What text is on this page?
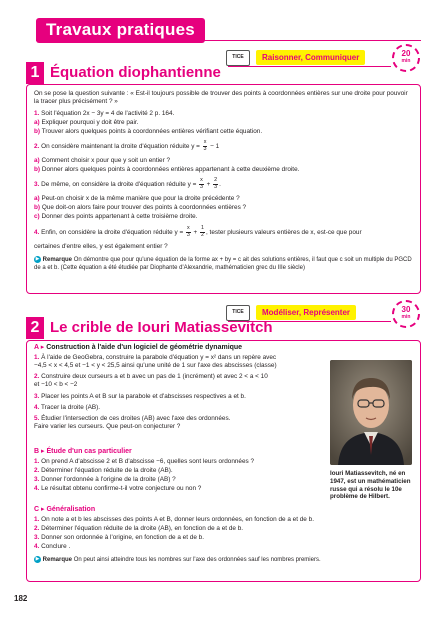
Travaux pratiques
TICE	Raisonner, Communiquer	20
min
1 Équation diophantienne
On se pose la question suivante : « Est-il toujours possible de trouver des points à coordonnées entières sur une droite pour pouvoir la tracer plus précisément ? »
1. Soit l'équation 2x − 3y = 4 de l'activité 2 p. 164.
a) Expliquer pourquoi y doit être pair.
b) Trouver alors quelques points à coordonnées entières vérifiant cette équation.
2. On considère maintenant la droite d'équation réduite $y = \frac{x}{3} - 1$
a) Comment choisir x pour que y soit un entier ?
b) Donner alors quelques points à coordonnées entières appartenant à cette deuxième droite.
3. De même, on considère la droite d'équation réduite $y = \frac{x}{3} + \frac{2}{3}$ .
a) Peut-on choisir x de la même manière que pour la droite précédente ?
b) Que doit-on alors faire pour trouver des points à coordonnées entières ?
c) Donner des points appartenant à cette troisième droite.
4. Enfin, on considère la droite d'équation réduite $y = \frac{x}{3} + \frac{1}{2}$ , tester plusieurs valeurs entières de x, est-ce que pour
certaines d'entre elles, y est également entier ?
▶ Remarque On démontre que pour qu'une équation de la forme ax + by = c ait des solutions entières, il faut que c soit un multiple du PGCD de a et b. (Cette équation a été étudiée par Diophante d'Alexandrie, mathématicien grec du IIIe siècle)
TICE	Modéliser, Représenter	30
min
2 Le crible de Iouri Matiassevitch
A ▸ Construction à l'aide d'un logiciel de géométrie dynamique
1. À l'aide de GeoGebra, construire la parabole d'équation y = x² dans un repère avec
−4,5 < x < 4,5 et −1 < y < 25,5 ainsi qu'une unité de 1 sur l'axe des abscisses (classe)
2. Construire deux curseurs a et b avec un pas de 1 (incrément) et avec 2 < a < 10
et −10 < b < −2
3. Placer les points A et B sur la parabole et d'abscisses respectives a et b.
4. Tracer la droite (AB).
5. Étudier l'intersection de ces droites (AB) avec l'axe des ordonnées.
Faire varier les curseurs. Que peut-on conjecturer ?
Iouri Matiassevitch, né en 1947, est un mathématicien russe qui a résolu le 10e problème de Hilbert.
B ▸ Étude d'un cas particulier
1. On prend A d'abscisse 2 et B d'abscisse −6, quelles sont leurs ordonnées ?
2. Déterminer l'équation réduite de la droite (AB).
3. Donner l'ordonnée à l'origine de la droite (AB) ?
4. Le résultat obtenu confirme-t-il votre conjecture ou non ?
C ▸ Généralisation
1. On note a et b les abscisses des points A et B, donner leurs ordonnées, en fonction de a et de b.
2. Déterminer l'équation réduite de la droite (AB), en fonction de a et de b.
3. Donner son ordonnée à l'origine, en fonction de a et de b.
4. Conclure .
▶ Remarque On peut ainsi atteindre tous les nombres sur l'axe des ordonnées sauf les nombres premiers.
182
